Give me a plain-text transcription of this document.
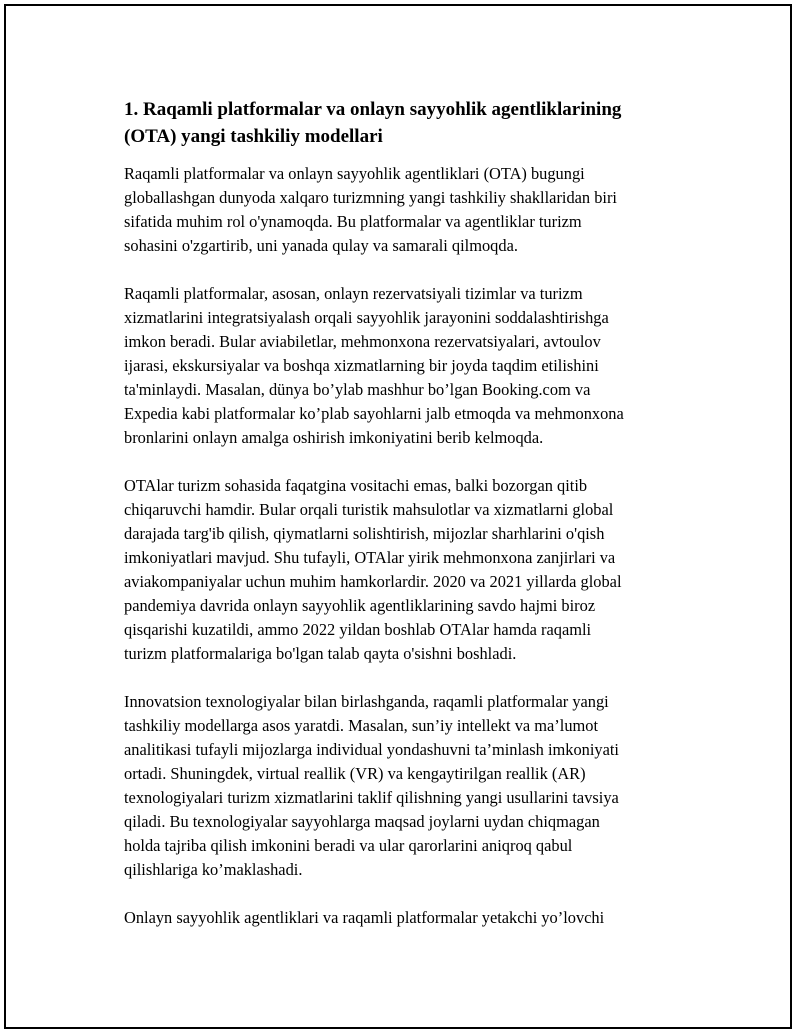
1. Raqamli platformalar va onlayn sayyohlik agentliklarining
(OTA) yangi tashkiliy modellari

Raqamli platformalar va onlayn sayyohlik agentliklari (OTA) bugungi
globallashgan dunyoda xalqaro turizmning yangi tashkiliy shakllaridan biri
sifatida muhim rol o'ynamoqda. Bu platformalar va agentliklar turizm
sohasini o'zgartirib, uni yanada qulay va samarali qilmoqda.

Raqamli platformalar, asosan, onlayn rezervatsiyali tizimlar va turizm
xizmatlarini integratsiyalash orqali sayyohlik jarayonini soddalashtirishga
imkon beradi. Bular aviabiletlar, mehmonxona rezervatsiyalari, avtoulov
ijarasi, ekskursiyalar va boshqa xizmatlarning bir joyda taqdim etilishini
ta'minlaydi. Masalan, dünya bo’ylab mashhur bo’lgan Booking.com va
Expedia kabi platformalar ko’plab sayohlarni jalb etmoqda va mehmonxona
bronlarini onlayn amalga oshirish imkoniyatini berib kelmoqda.

OTAlar turizm sohasida faqatgina vositachi emas, balki bozorgan qitib
chiqaruvchi hamdir. Bular orqali turistik mahsulotlar va xizmatlarni global
darajada targ'ib qilish, qiymatlarni solishtirish, mijozlar sharhlarini o'qish
imkoniyatlari mavjud. Shu tufayli, OTAlar yirik mehmonxona zanjirlari va
aviakompaniyalar uchun muhim hamkorlardir. 2020 va 2021 yillarda global
pandemiya davrida onlayn sayyohlik agentliklarining savdo hajmi biroz
qisqarishi kuzatildi, ammo 2022 yildan boshlab OTAlar hamda raqamli
turizm platformalariga bo'lgan talab qayta o'sishni boshladi.

Innovatsion texnologiyalar bilan birlashganda, raqamli platformalar yangi
tashkiliy modellarga asos yaratdi. Masalan, sun’iy intellekt va ma’lumot
analitikasi tufayli mijozlarga individual yondashuvni ta’minlash imkoniyati
ortadi. Shuningdek, virtual reallik (VR) va kengaytirilgan reallik (AR)
texnologiyalari turizm xizmatlarini taklif qilishning yangi usullarini tavsiya
qiladi. Bu texnologiyalar sayyohlarga maqsad joylarni uydan chiqmagan
holda tajriba qilish imkonini beradi va ular qarorlarini aniqroq qabul
qilishlariga ko’maklashadi.

Onlayn sayyohlik agentliklari va raqamli platformalar yetakchi yo’lovchi
